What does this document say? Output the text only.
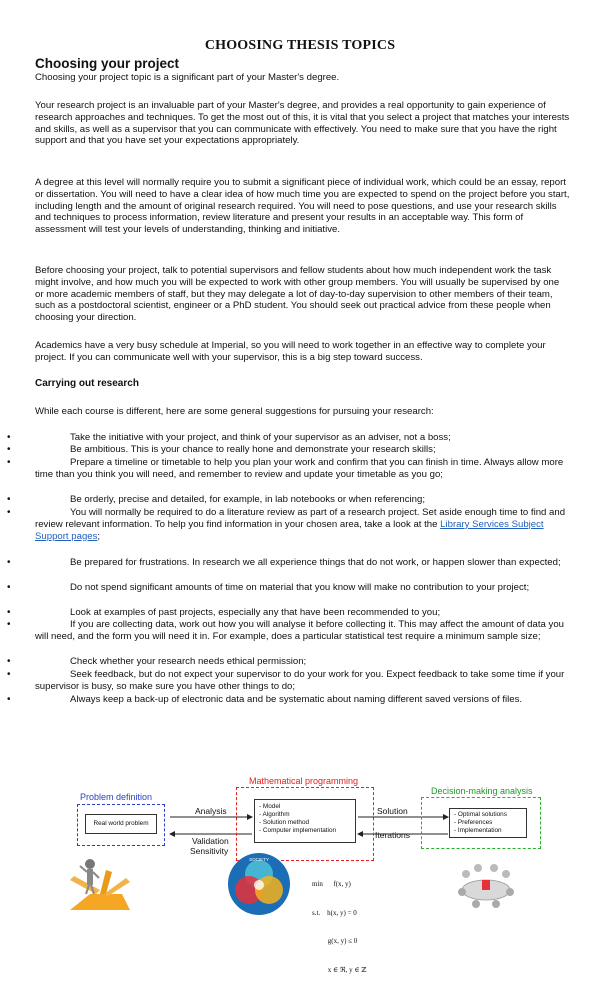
CHOOSING THESIS TOPICS
Choosing your project
Choosing your project topic is a significant part of your Master's degree.
Your research project is an invaluable part of your Master's degree, and provides a real opportunity to gain experience of research approaches and techniques. To get the most out of this, it is vital that you select a project that matches your interests and skills, as well as a supervisor that you can communicate with effectively. You need to make sure that you have the right support and that you have set your expectations appropriately.
A degree at this level will normally require you to submit a significant piece of individual work, which could be an essay, report or dissertation. You will need to have a clear idea of how much time you are expected to spend on the project before you start, including length and the amount of original research required. You will need to pose questions, and use your research skills and techniques to process information, review literature and present your results in an acceptable way. This form of assessment will test your levels of understanding, thinking and initiative.
Before choosing your project, talk to potential supervisors and fellow students about how much independent work the task might involve, and how much you will be expected to work with other group members. You will usually be supervised by one or more academic members of staff, but they may delegate a lot of day-to-day supervision to other members of their team, such as a postdoctoral scientist, engineer or a PhD student. You should seek out practical advice from these people when choosing your direction.
Academics have a very busy schedule at Imperial, so you will need to work together in an effective way to complete your project. If you can communicate well with your supervisor, this is a big step toward success.
Carrying out research
While each course is different, here are some general suggestions for pursuing your research:
•	Take the initiative with your project, and think of your supervisor as an adviser, not a boss;
•	Be ambitious. This is your chance to really hone and demonstrate your research skills;
•	Prepare a timeline or timetable to help you plan your work and confirm that you can finish in time. Always allow more time than you think you will need, and remember to review and update your timetable as you go;
•	Be orderly, precise and detailed, for example, in lab notebooks or when referencing;
•	You will normally be required to do a literature review as part of a research project. Set aside enough time to find and review relevant information. To help you find information in your chosen area, take a look at the Library Services Subject Support pages;
•	Be prepared for frustrations. In research we all experience things that do not work, or happen slower than expected;
•	Do not spend significant amounts of time on material that you know will make no contribution to your project;
•	Look at examples of past projects, especially any that have been recommended to you;
•	If you are collecting data, work out how you will analyse it before collecting it. This may affect the amount of data you will need, and the form you will need it in. For example, does a particular statistical test require a minimum sample size;
•	Check whether your research needs ethical permission;
•	Seek feedback, but do not expect your supervisor to do your work for you. Expect feedback to take some time if your supervisor is busy, so make sure you have other things to do;
•	Always keep a back-up of electronic data and be systematic about naming different saved versions of files.
Problem definition
Real world problem
Analysis
Validation
Sensitivity
Mathematical programming
- Model
- Algorithm
- Solution method
- Computer implementation
Solution
Iterations
Decision-making analysis
- Optimal solutions
- Preferences
- Implementation
SOCIETY

min      f(x, y)

s.t.    h(x, y) = 0

g(x, y) ≤ 0

x ∈ ℜ, y ∈ ℤ
